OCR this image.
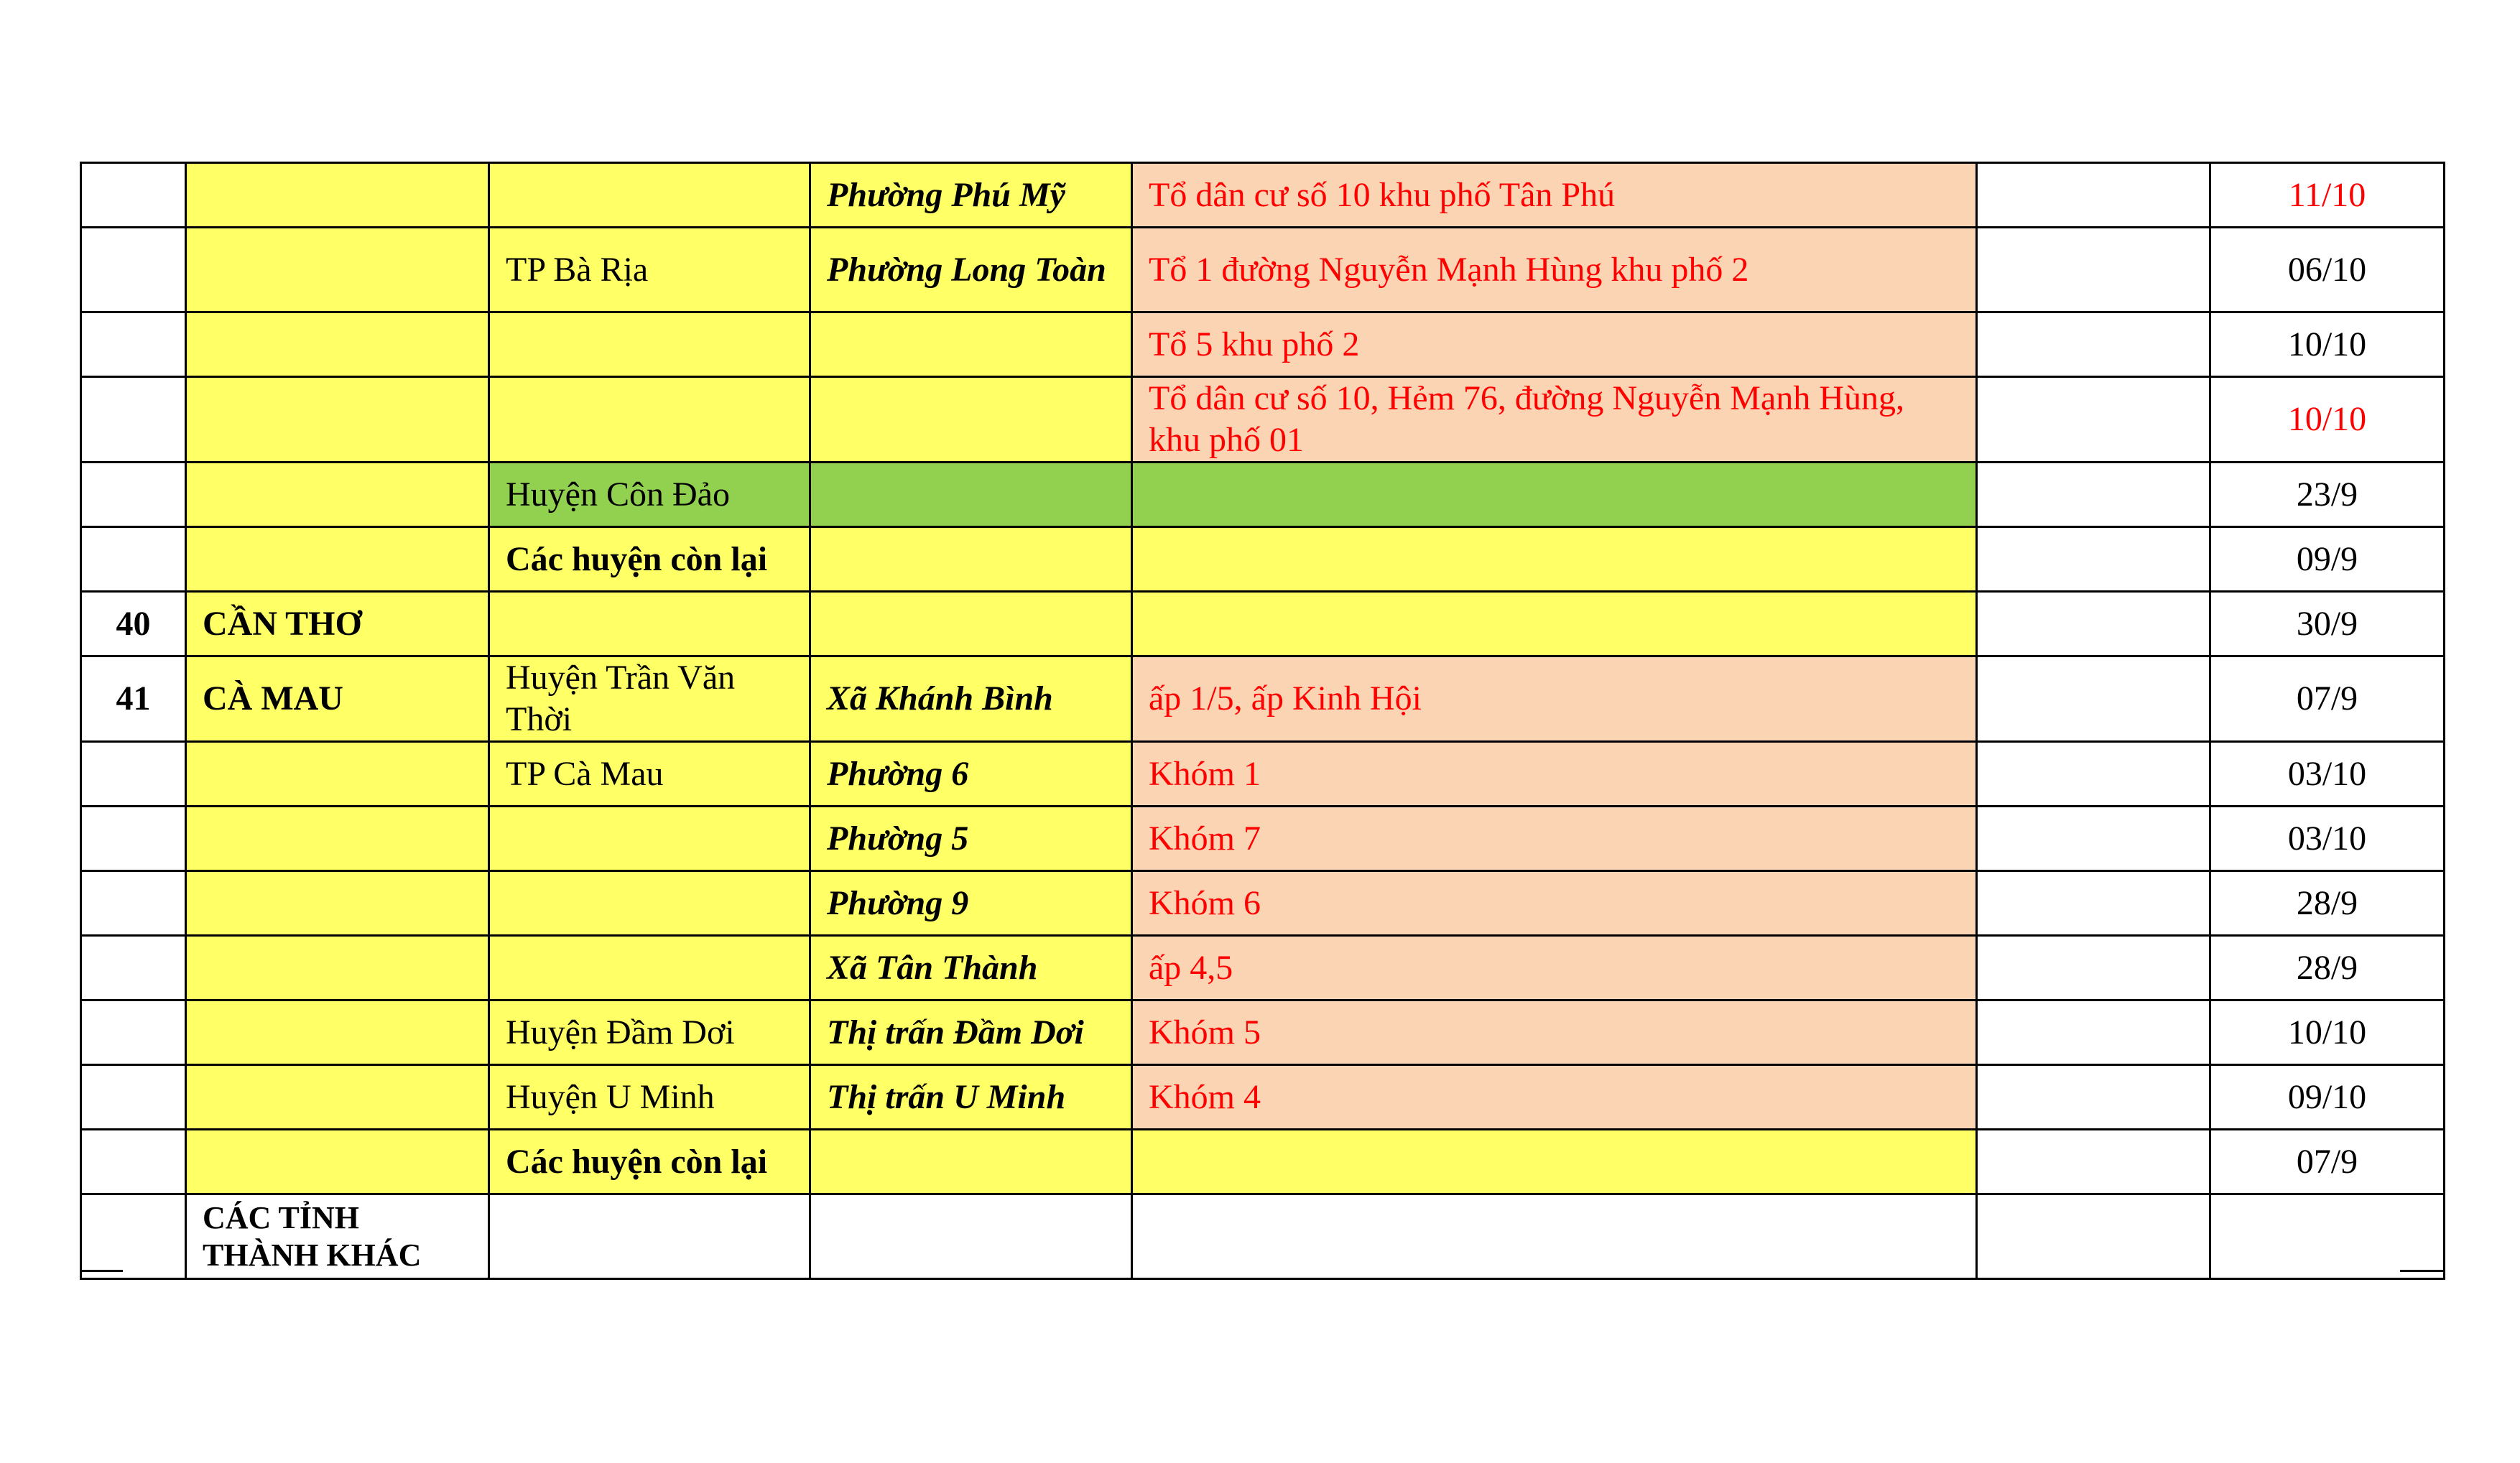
			Phường Phú Mỹ	Tổ dân cư số 10 khu phố Tân Phú		11/10
		TP Bà Rịa	Phường Long Toàn	Tổ 1 đường Nguyễn Mạnh Hùng khu phố 2		06/10
				Tổ 5 khu phố 2		10/10
				Tổ dân cư số 10, Hẻm 76, đường Nguyễn Mạnh Hùng, khu phố 01		10/10
		Huyện Côn Đảo				23/9
		Các huyện còn lại				09/9
40	CẦN THƠ					30/9
41	CÀ MAU	Huyện Trần Văn Thời	Xã Khánh Bình	ấp 1/5, ấp Kinh Hội		07/9
		TP Cà Mau	Phường 6	Khóm 1		03/10
			Phường 5	Khóm 7		03/10
			Phường 9	Khóm 6		28/9
			Xã Tân Thành	ấp 4,5		28/9
		Huyện Đầm Dơi	Thị trấn Đầm Dơi	Khóm 5		10/10
		Huyện U Minh	Thị trấn U Minh	Khóm 4		09/10
		Các huyện còn lại				07/9
	CÁC TỈNH THÀNH KHÁC					
